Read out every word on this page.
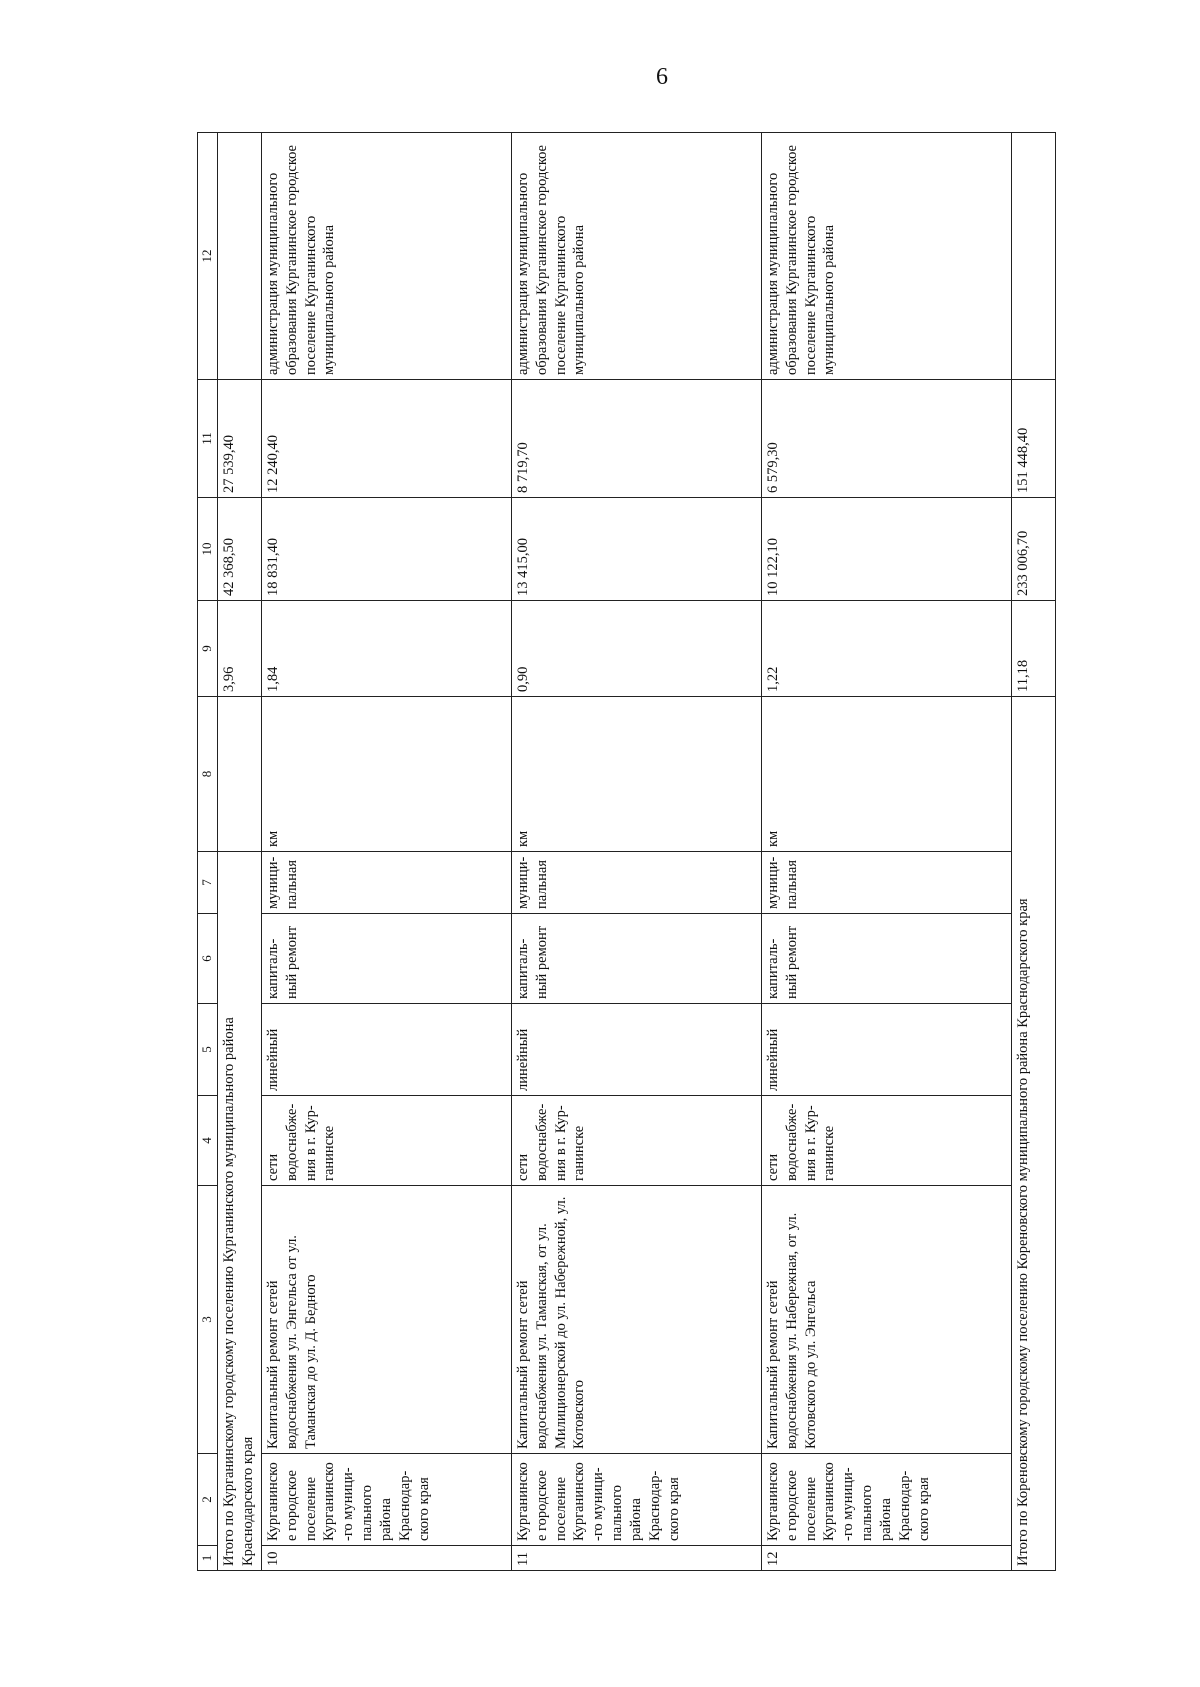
6
1	2	3	4	5	6	7	8	9	10	11	12
Итого по Курганинскому городскому поселению Курганинского муниципального района Краснодарского края								3,96	42 368,50	27 539,40	
10	Курганинское городское поселение Курганинско-го муници-пального района Краснодар-ского края	Капитальный ремонт сетей водоснабжения ул. Энгельса от ул. Таманская до ул. Д. Бедного	сети водоснабже-ния в г. Кур-ганинске	линейный	капиталь-ный ремонт	муници-пальная	км	1,84	18 831,40	12 240,40	администрация муниципального образования Курганинское городское поселение Курганинского муниципального района
11	Курганинское городское поселение Курганинско-го муници-пального района Краснодар-ского края	Капитальный ремонт сетей водоснабжения ул. Таманская, от ул. Милиционерской до ул. Набережной, ул. Котовского	сети водоснабже-ния в г. Кур-ганинске	линейный	капиталь-ный ремонт	муници-пальная	км	0,90	13 415,00	8 719,70	администрация муниципального образования Курганинское городское поселение Курганинского муниципального района
12	Курганинское городское поселение Курганинско-го муници-пального района Краснодар-ского края	Капитальный ремонт сетей водоснабжения ул. Набережная, от ул. Котовского до ул. Энгельса	сети водоснабже-ния в г. Кур-ганинске	линейный	капиталь-ный ремонт	муници-пальная	км	1,22	10 122,10	6 579,30	администрация муниципального образования Курганинское городское поселение Курганинского муниципального района
Итого по Кореновскому городскому поселению Кореновского муниципального района Краснодарского края								11,18	233 006,70	151 448,40	
